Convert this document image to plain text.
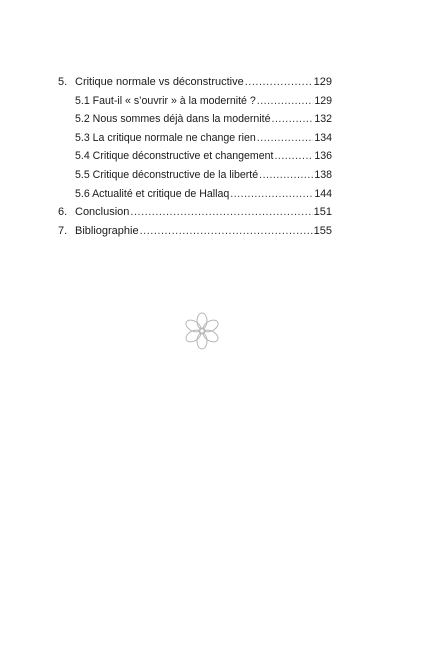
5. Critique normale vs déconstructive .....	129
5.1 Faut-il « s’ouvrir » à la modernité ? .....	129
5.2 Nous sommes déjà dans la modernité .....	132
5.3 La critique normale ne change rien .....	134
5.4 Critique déconstructive et changement .....	136
5.5 Critique déconstructive de la liberté .....	138
5.6 Actualité et critique de Hallaq .....	144
6. Conclusion .....	151
7. Bibliographie .....	155
